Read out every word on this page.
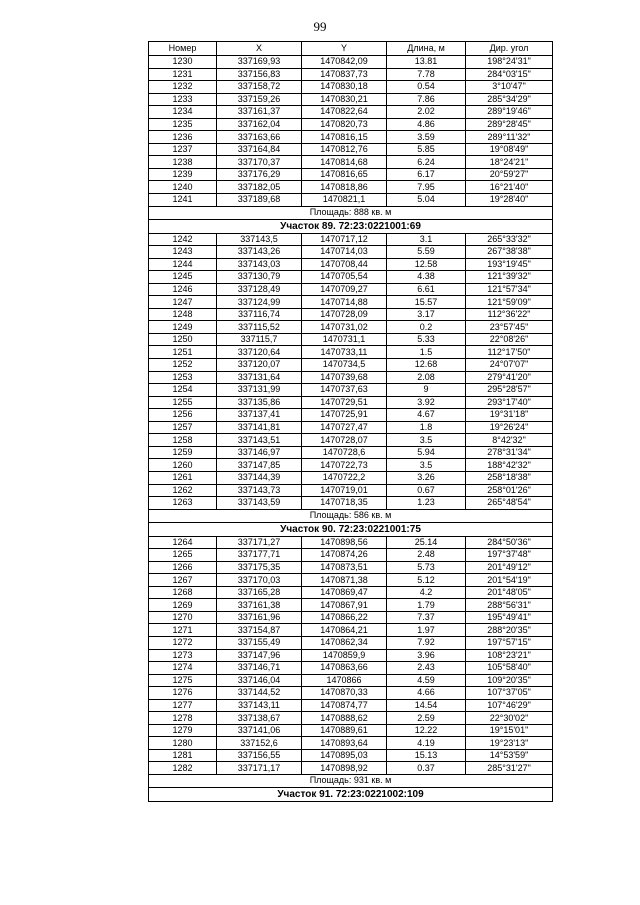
99
Номер	X	Y	Длина, м	Дир. угол
1230	337169,93	1470842,09	13.81	198°24'31"
1231	337156,83	1470837,73	7.78	284°03'15"
1232	337158,72	1470830,18	0.54	3°10'47"
1233	337159,26	1470830,21	7.86	285°34'29"
1234	337161,37	1470822,64	2.02	289°19'46"
1235	337162,04	1470820,73	4.86	289°28'45"
1236	337163,66	1470816,15	3.59	289°11'32"
1237	337164,84	1470812,76	5.85	19°08'49"
1238	337170,37	1470814,68	6.24	18°24'21"
1239	337176,29	1470816,65	6.17	20°59'27"
1240	337182,05	1470818,86	7.95	16°21'40"
1241	337189,68	1470821,1	5.04	19°28'40"
Площадь: 888 кв. м				
Участок 89. 72:23:0221001:69				
1242	337143,5	1470717,12	3.1	265°33'32"
1243	337143,26	1470714,03	5.59	267°38'38"
1244	337143,03	1470708,44	12.58	193°19'45"
1245	337130,79	1470705,54	4.38	121°39'32"
1246	337128,49	1470709,27	6.61	121°57'34"
1247	337124,99	1470714,88	15.57	121°59'09"
1248	337116,74	1470728,09	3.17	112°36'22"
1249	337115,52	1470731,02	0.2	23°57'45"
1250	337115,7	1470731,1	5.33	22°08'26"
1251	337120,64	1470733,11	1.5	112°17'50"
1252	337120,07	1470734,5	12.68	24°07'07"
1253	337131,64	1470739,68	2.08	279°41'20"
1254	337131,99	1470737,63	9	295°28'57"
1255	337135,86	1470729,51	3.92	293°17'40"
1256	337137,41	1470725,91	4.67	19°31'18"
1257	337141,81	1470727,47	1.8	19°26'24"
1258	337143,51	1470728,07	3.5	8°42'32"
1259	337146,97	1470728,6	5.94	278°31'34"
1260	337147,85	1470722,73	3.5	188°42'32"
1261	337144,39	1470722,2	3.26	258°18'38"
1262	337143,73	1470719,01	0.67	258°01'26"
1263	337143,59	1470718,35	1.23	265°48'54"
Площадь: 586 кв. м				
Участок 90. 72:23:0221001:75				
1264	337171,27	1470898,56	25.14	284°50'36"
1265	337177,71	1470874,26	2.48	197°37'48"
1266	337175,35	1470873,51	5.73	201°49'12"
1267	337170,03	1470871,38	5.12	201°54'19"
1268	337165,28	1470869,47	4.2	201°48'05"
1269	337161,38	1470867,91	1.79	288°56'31"
1270	337161,96	1470866,22	7.37	195°49'41"
1271	337154,87	1470864,21	1.97	288°20'35"
1272	337155,49	1470862,34	7.92	197°57'15"
1273	337147,96	1470859,9	3.96	108°23'21"
1274	337146,71	1470863,66	2.43	105°58'40"
1275	337146,04	1470866	4.59	109°20'35"
1276	337144,52	1470870,33	4.66	107°37'05"
1277	337143,11	1470874,77	14.54	107°46'29"
1278	337138,67	1470888,62	2.59	22°30'02"
1279	337141,06	1470889,61	12.22	19°15'01"
1280	337152,6	1470893,64	4.19	19°23'13"
1281	337156,55	1470895,03	15.13	14°53'59"
1282	337171,17	1470898,92	0.37	285°31'27"
Площадь: 931 кв. м				
Участок 91. 72:23:0221002:109				
